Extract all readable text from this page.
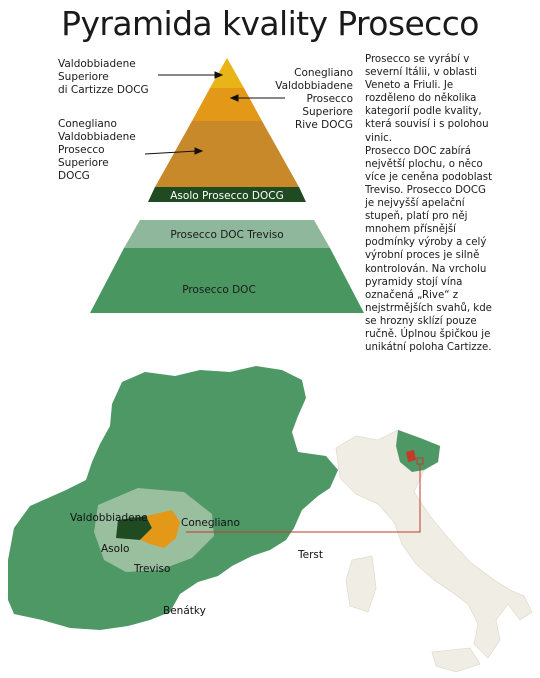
Pyramida kvality Prosecco
Asolo Prosecco DOCG
Prosecco DOC Treviso
Prosecco DOC
Valdobbiadene
Asolo
Conegliano
Treviso
Terst
Benátky
Valdobbiadene
Superiore
di Cartizze DOCG
Conegliano
Valdobbiadene
Prosecco
Superiore
Rive DOCG
Conegliano
Valdobbiadene
Prosecco
Superiore
DOCG

Prosecco se vyrábí v severní Itálii, v oblasti Veneto a Friuli. Je rozděleno do několika kategorií podle kvality, která souvisí i s polohou vinic.

Prosecco DOC zabírá největší plochu, o něco více je ceněna podoblast Treviso. Prosecco DOCG je nejvyšší apelační stupeň, platí pro něj mnohem přísnější podmínky výroby a celý výrobní proces je silně kontrolován. Na vrcholu pyramidy stojí vína označená „Rive“ z nejstrmějších svahů, kde se hrozny sklízí pouze ručně. Úplnou špičkou je unikátní poloha Cartizze.
